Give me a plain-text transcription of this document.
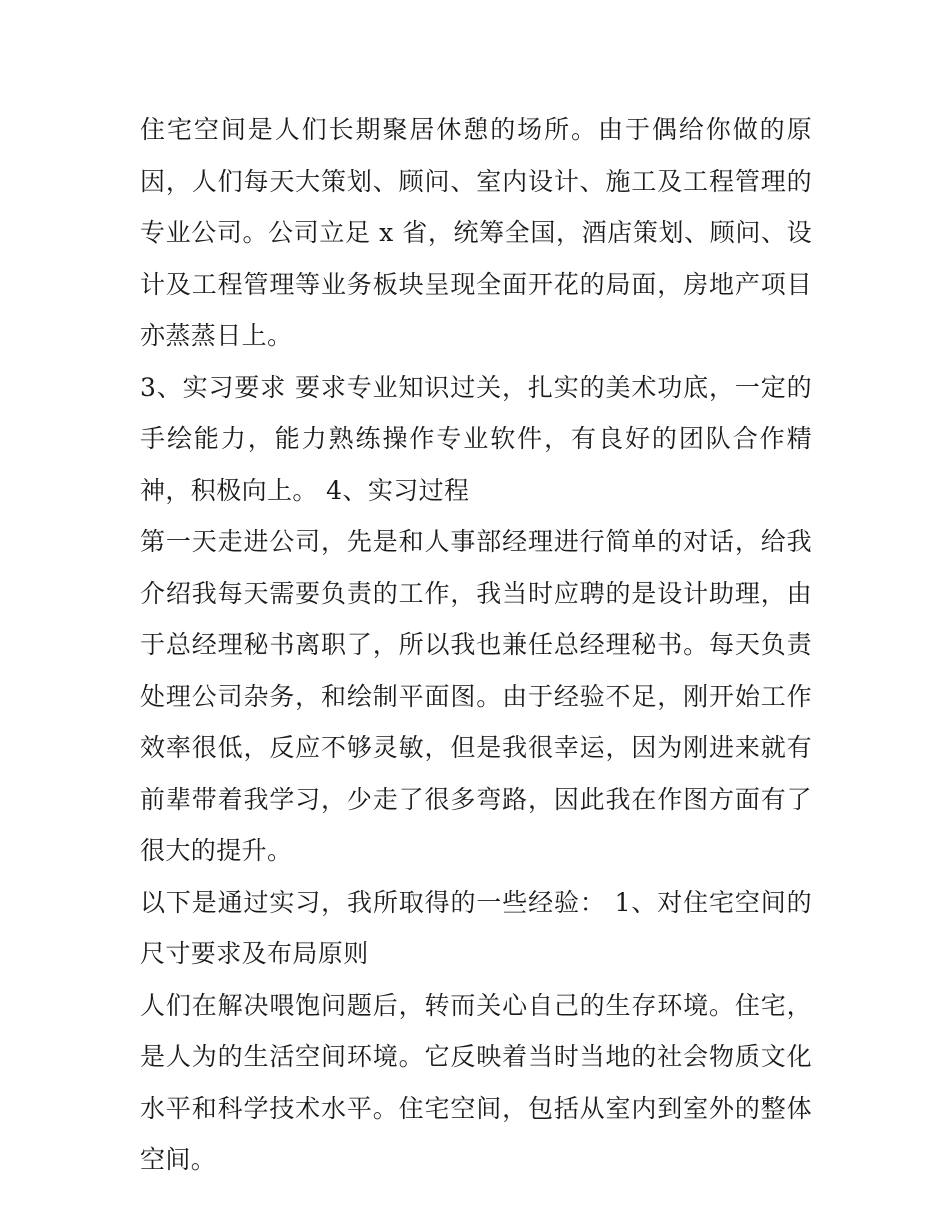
住宅空间是人们长期聚居休憩的场所。由于偶给你做的原因，人们每天大策划、顾问、室内设计、施工及工程管理的专业公司。公司立足 x 省，统筹全国，酒店策划、顾问、设计及工程管理等业务板块呈现全面开花的局面，房地产项目亦蒸蒸日上。

3、实习要求 要求专业知识过关，扎实的美术功底，一定的手绘能力，能力熟练操作专业软件，有良好的团队合作精神，积极向上。 4、实习过程

第一天走进公司，先是和人事部经理进行简单的对话，给我介绍我每天需要负责的工作，我当时应聘的是设计助理，由于总经理秘书离职了，所以我也兼任总经理秘书。每天负责处理公司杂务，和绘制平面图。由于经验不足，刚开始工作效率很低，反应不够灵敏，但是我很幸运，因为刚进来就有前辈带着我学习，少走了很多弯路，因此我在作图方面有了很大的提升。

以下是通过实习，我所取得的一些经验： 1、对住宅空间的尺寸要求及布局原则

人们在解决喂饱问题后，转而关心自己的生存环境。住宅，是人为的生活空间环境。它反映着当时当地的社会物质文化水平和科学技术水平。住宅空间，包括从室内到室外的整体空间。
